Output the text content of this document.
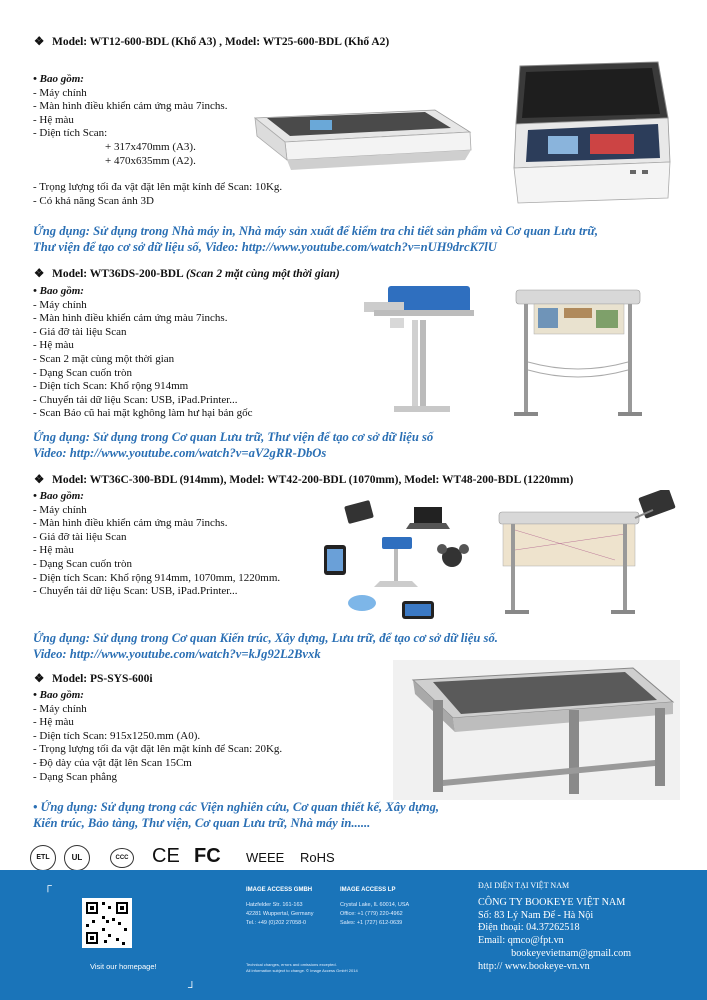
❖ Model: WT12-600-BDL (Khổ A3) , Model: WT25-600-BDL (Khổ A2)
• Bao gồm:
- Máy chính
- Màn hình điều khiển cảm ứng màu 7inchs.
- Hệ màu
- Diện tích Scan:
+ 317x470mm (A3).
+ 470x635mm (A2).
- Trọng lượng tối đa vật đặt lên mặt kính để Scan: 10Kg.
- Có khả năng Scan ảnh 3D
Ứng dụng: Sử dụng trong Nhà máy in, Nhà máy sản xuất để kiểm tra chi tiết sản phẩm và Cơ quan Lưu trữ,
Thư viện để tạo cơ sở dữ liệu số, Video: http://www.youtube.com/watch?v=nUH9drcK7lU
❖ Model: WT36DS-200-BDL (Scan 2 mặt cùng một thời gian)
• Bao gồm:
- Máy chính
- Màn hình điều khiển cảm ứng màu 7inchs.
- Giá đỡ tài liệu Scan
- Hệ màu
- Scan 2 mặt cùng một thời gian
- Dạng Scan cuốn tròn
- Diện tích Scan: Khổ rộng 914mm
- Chuyển tải dữ liệu Scan: USB, iPad.Printer...
- Scan Báo cũ hai mặt kghông làm hư hại bản gốc
Ứng dụng: Sử dụng trong Cơ quan Lưu trữ, Thư viện để tạo cơ sở dữ liệu số
Video: http://www.youtube.com/watch?v=aV2gRR-DbOs
❖ Model: WT36C-300-BDL (914mm), Model: WT42-200-BDL (1070mm), Model: WT48-200-BDL (1220mm)
• Bao gồm:
- Máy chính
- Màn hình điều khiển cảm ứng màu 7inchs.
- Giá đỡ tài liệu Scan
- Hệ màu
- Dạng Scan cuốn tròn
- Diện tích Scan: Khổ rộng 914mm, 1070mm, 1220mm.
- Chuyển tải dữ liệu Scan: USB, iPad.Printer...
Ứng dụng: Sử dụng trong Cơ quan Kiến trúc, Xây dựng, Lưu trữ, để tạo cơ sở dữ liệu số.
Video: http://www.youtube.com/watch?v=kJg92L2Bvxk
❖ Model: PS-SYS-600i
• Bao gồm:
- Máy chính
- Hệ màu
- Diện tích Scan: 915x1250.mm (A0).
- Trọng lượng tối đa vật đặt lên mặt kính để Scan: 20Kg.
- Độ dày của vật đặt lên Scan 15Cm
- Dạng Scan phẳng
• Ứng dụng: Sử dụng trong các Viện nghiên cứu, Cơ quan thiết kế, Xây dựng,
Kiến trúc, Bảo tàng, Thư viện, Cơ quan Lưu trữ, Nhà máy in......
ETL	UL	CCC CE FC WEEE RoHS
┌
┘
Visit our homepage!
IMAGE ACCESS GMBH
Hatzfelder Str. 161-163
42281 Wuppertal, Germany
Tel.: +49 (0)202 27058-0
IMAGE ACCESS LP
Crystal Lake, IL 60014, USA
Office: +1 (779) 220-4962
Sales: +1 (727) 612-0639
Technical changes, errors and omissions excepted.
All information subject to change. © Image Access GmbH 2014
ĐẠI DIỆN TẠI VIỆT NAM
CÔNG TY BOOKEYE VIỆT NAM
Số: 83 Lý Nam Đế - Hà Nội
Điện thoại: 04.37262518
Email: qmco@fpt.vn
bookeyevietnam@gmail.com
http:// www.bookeye-vn.vn
